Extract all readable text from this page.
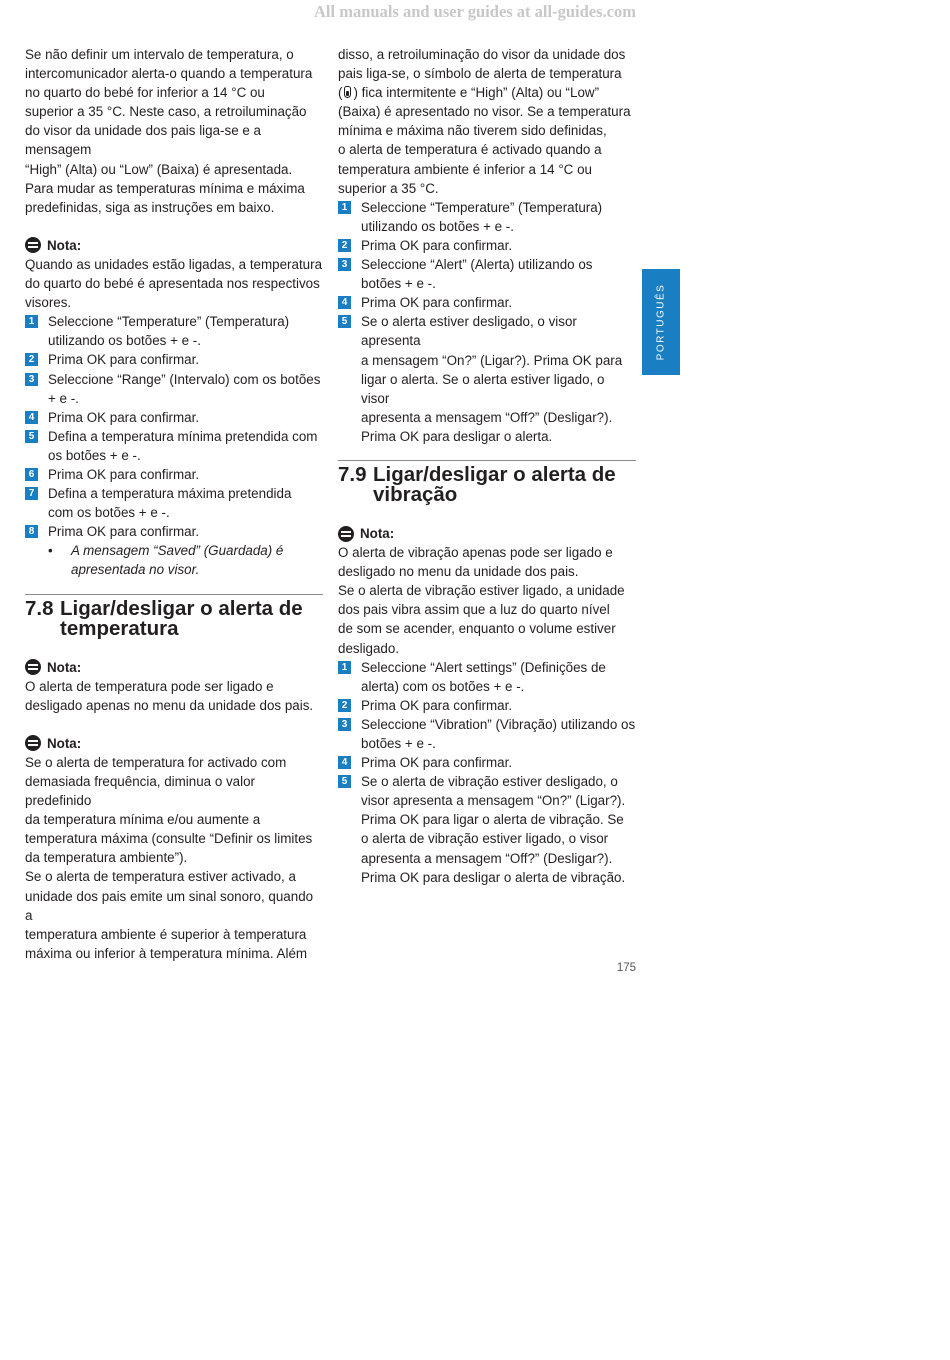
All manuals and user guides at all-guides.com
Se não definir um intervalo de temperatura, o
intercomunicador alerta-o quando a temperatura
no quarto do bebé for inferior a 14 °C ou
superior a 35 °C. Neste caso, a retroiluminação
do visor da unidade dos pais liga-se e a mensagem
“High” (Alta) ou “Low” (Baixa) é apresentada.
Para mudar as temperaturas mínima e máxima
predefinidas, siga as instruções em baixo.
Nota:
Quando as unidades estão ligadas, a temperatura
do quarto do bebé é apresentada nos respectivos
visores.
1 Seleccione “Temperature” (Temperatura)
utilizando os botões + e -.
2 Prima OK para confirmar.
3 Seleccione “Range” (Intervalo) com os botões
+ e -.
4 Prima OK para confirmar.
5 Defina a temperatura mínima pretendida com
os botões + e -.
6 Prima OK para confirmar.
7 Defina a temperatura máxima pretendida
com os botões + e -.
8 Prima OK para confirmar.
•	A mensagem “Saved” (Guardada) é
apresentada no visor.
7.8 Ligar/desligar o alerta de
temperatura
Nota:
O alerta de temperatura pode ser ligado e
desligado apenas no menu da unidade dos pais.
Nota:
Se o alerta de temperatura for activado com
demasiada frequência, diminua o valor predefinido
da temperatura mínima e/ou aumente a
temperatura máxima (consulte “Definir os limites
da temperatura ambiente”).
Se o alerta de temperatura estiver activado, a
unidade dos pais emite um sinal sonoro, quando a
temperatura ambiente é superior à temperatura
máxima ou inferior à temperatura mínima. Além
disso, a retroiluminação do visor da unidade dos
pais liga-se, o símbolo de alerta de temperatura
( ) fica intermitente e “High” (Alta) ou “Low”
(Baixa) é apresentado no visor. Se a temperatura
mínima e máxima não tiverem sido definidas,
o alerta de temperatura é activado quando a
temperatura ambiente é inferior a 14 °C ou
superior a 35 °C.
1 Seleccione “Temperature” (Temperatura)
utilizando os botões + e -.
2 Prima OK para confirmar.
3 Seleccione “Alert” (Alerta) utilizando os
botões + e -.
4 Prima OK para confirmar.
5 Se o alerta estiver desligado, o visor apresenta
a mensagem “On?” (Ligar?). Prima OK para
ligar o alerta. Se o alerta estiver ligado, o visor
apresenta a mensagem “Off?” (Desligar?).
Prima OK para desligar o alerta.
7.9 Ligar/desligar o alerta de
vibração
Nota:
O alerta de vibração apenas pode ser ligado e
desligado no menu da unidade dos pais.
Se o alerta de vibração estiver ligado, a unidade
dos pais vibra assim que a luz do quarto nível
de som se acender, enquanto o volume estiver
desligado.
1 Seleccione “Alert settings” (Definições de
alerta) com os botões + e -.
2 Prima OK para confirmar.
3 Seleccione “Vibration” (Vibração) utilizando os
botões + e -.
4 Prima OK para confirmar.
5 Se o alerta de vibração estiver desligado, o
visor apresenta a mensagem “On?” (Ligar?).
Prima OK para ligar o alerta de vibração. Se
o alerta de vibração estiver ligado, o visor
apresenta a mensagem “Off?” (Desligar?).
Prima OK para desligar o alerta de vibração.
PORTUGUÊS
175
